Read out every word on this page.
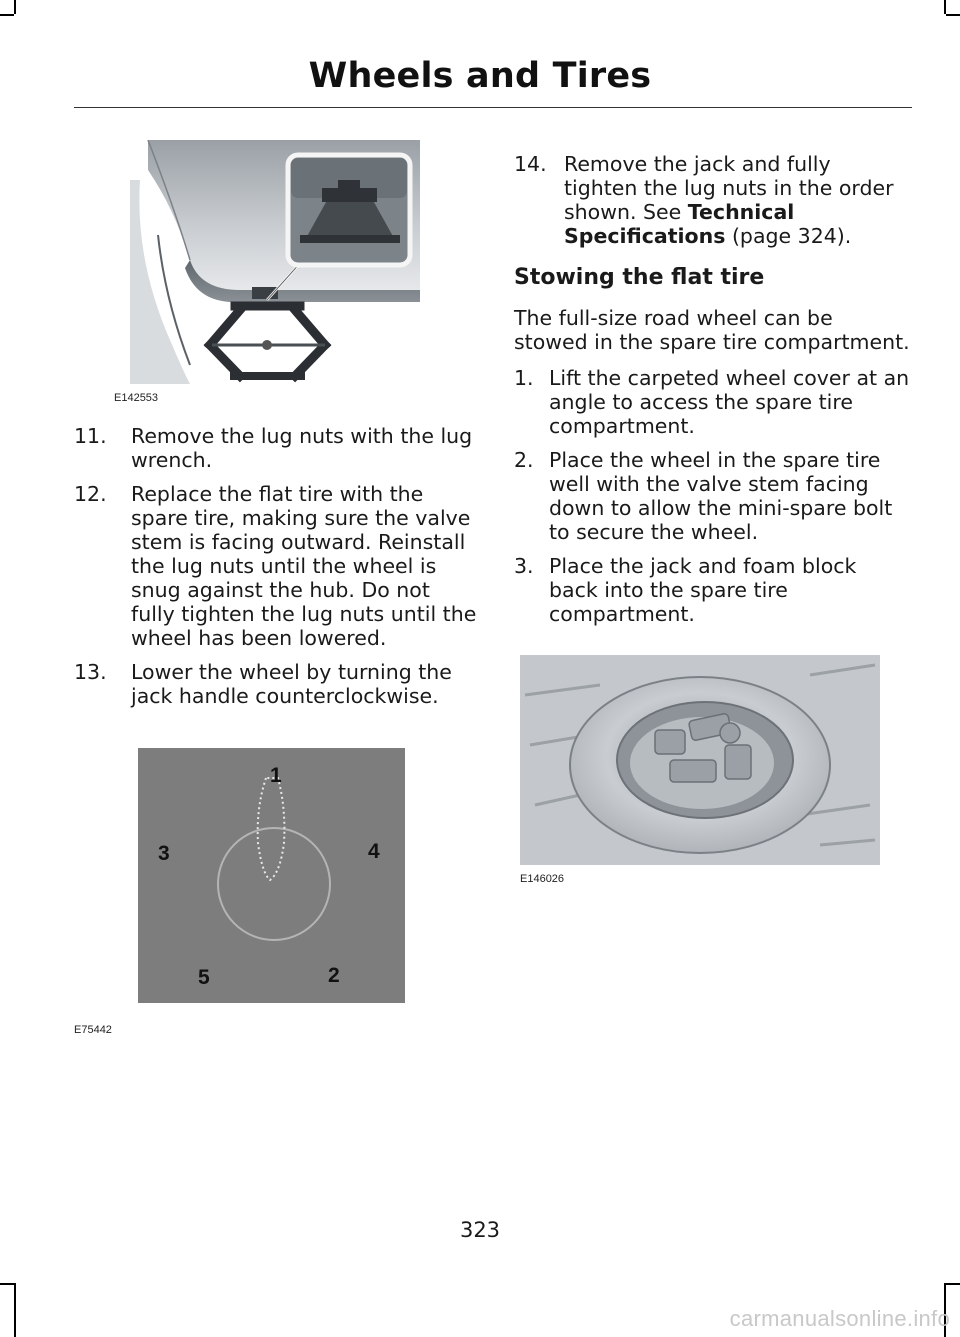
Wheels and Tires
E142553
11.	Remove the lug nuts with the lug wrench.
12.	Replace the flat tire with the spare tire, making sure the valve stem is facing outward. Reinstall the lug nuts until the wheel is snug against the hub. Do not fully tighten the lug nuts until the wheel has been lowered.
13.	Lower the wheel by turning the jack handle counterclockwise.
1
2
3	4
5
E75442
14. Remove the jack and fully tighten the lug nuts in the order shown. See Technical Specifications (page 324).
Stowing the flat tire

The full-size road wheel can be stowed in the spare tire compartment.

1. Lift the carpeted wheel cover at an angle to access the spare tire compartment.
2. Place the wheel in the spare tire well with the valve stem facing down to allow the mini-spare bolt to secure the wheel.
3. Place the jack and foam block back into the spare tire compartment.
E146026
323
carmanualsonline.info
